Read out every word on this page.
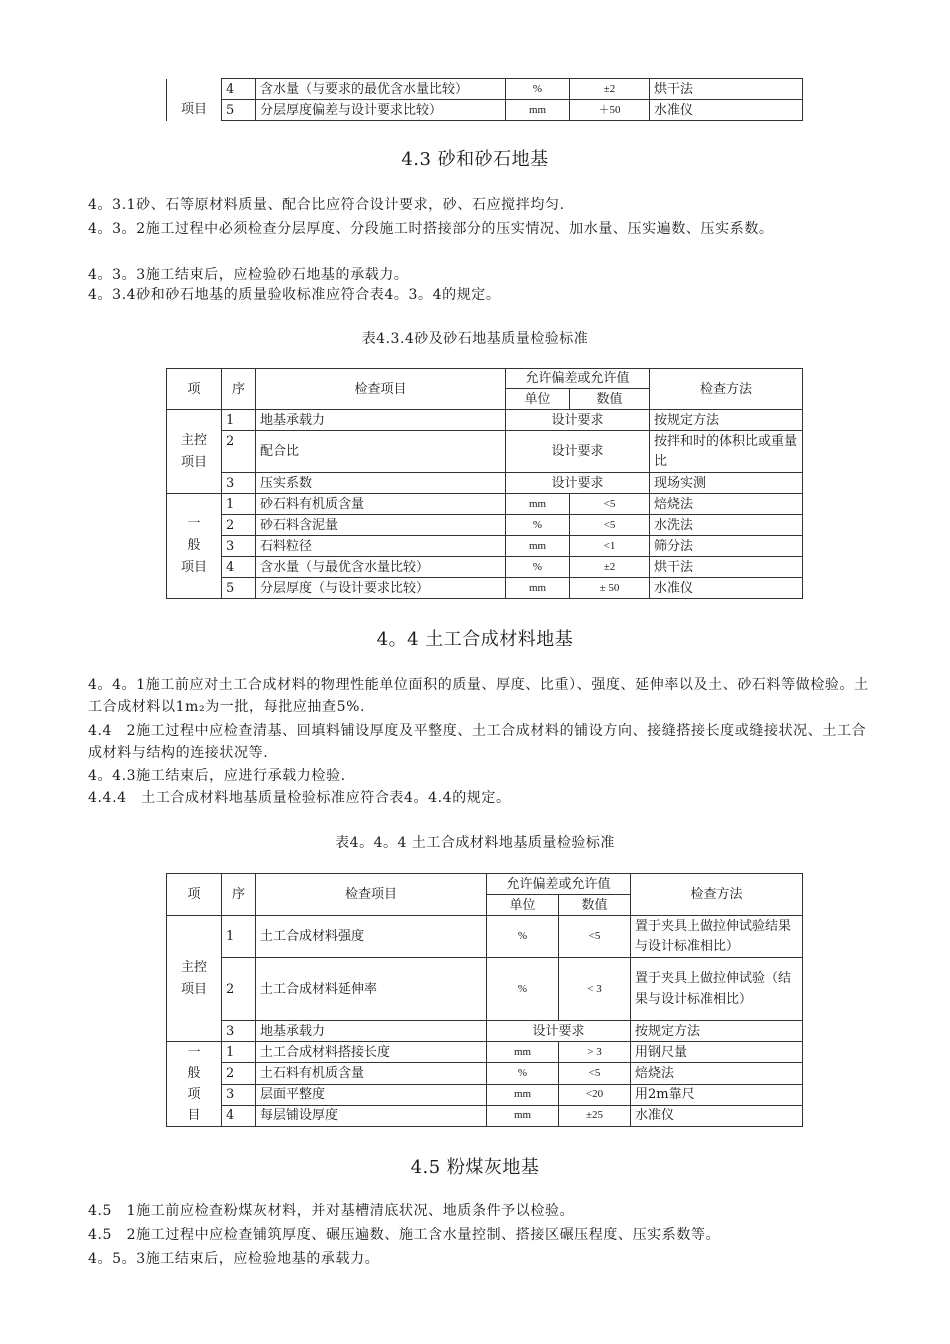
项目	4	含水量（与要求的最优含水量比较）	%	±2	烘干法
	5	分层厚度偏差与设计要求比较）	mm	＋50	水准仪
4.3 砂和砂石地基
4。3.1砂、石等原材料质量、配合比应符合设计要求，砂、石应搅拌均匀.
4。3。2施工过程中必须检查分层厚度、分段施工时搭接部分的压实情况、加水量、压实遍数、压实系数。
4。3。3施工结束后，应检验砂石地基的承载力。
4。3.4砂和砂石地基的质量验收标准应符合表4。3。4的规定。
表4.3.4砂及砂石地基质量检验标准
项	序	检查项目	允许偏差或允许值		检查方法
			单位	数值	
主控项目	1	地基承载力	设计要求		按规定方法
	2	配合比	设计要求		按拌和时的体积比或重量比
	3	压实系数	设计要求		现场实测

一
般
项目	1	砂石料有机质含量	mm	<5	焙烧法
	2	砂石料含泥量	%	<5	水洗法
	3	石料粒径	mm	<1	筛分法
	4	含水量（与最优含水量比较）	%	±2	烘干法
	5	分层厚度（与设计要求比较）	mm	± 50	水准仪
4。4 土工合成材料地基
4。4。1施工前应对土工合成材料的物理性能单位面积的质量、厚度、比重）、强度、延伸率以及土、砂石料等做检验。土工合成材料以1m₂为一批，每批应抽查5%.
4.4　2施工过程中应检查清基、回填料铺设厚度及平整度、土工合成材料的铺设方向、接缝搭接长度或缝接状况、土工合成材料与结构的连接状况等.
4。4.3施工结束后，应进行承载力检验.
4.4.4　土工合成材料地基质量检验标准应符合表4。4.4的规定。
表4。4。4 土工合成材料地基质量检验标准
项	序	检查项目	允许偏差或允许值		检查方法
			单位	数值	
主控项目	1	土工合成材料强度	%	<5	置于夹具上做拉伸试验结果与设计标准相比）
	2	土工合成材料延伸率	%	< 3	置于夹具上做拉伸试验（结果与设计标准相比）
	3	地基承载力	设计要求		按规定方法

一
般
项
目	1	土工合成材料搭接长度	mm	> 3	用钢尺量
	2	土石料有机质含量	%	<5	焙烧法
	3	层面平整度	mm	<20	用2m靠尺
	4	每层铺设厚度	mm	±25	水准仪
4.5 粉煤灰地基
4.5　1施工前应检查粉煤灰材料，并对基槽清底状况、地质条件予以检验。
4.5　2施工过程中应检查铺筑厚度、碾压遍数、施工含水量控制、搭接区碾压程度、压实系数等。
4。5。3施工结束后，应检验地基的承载力。
